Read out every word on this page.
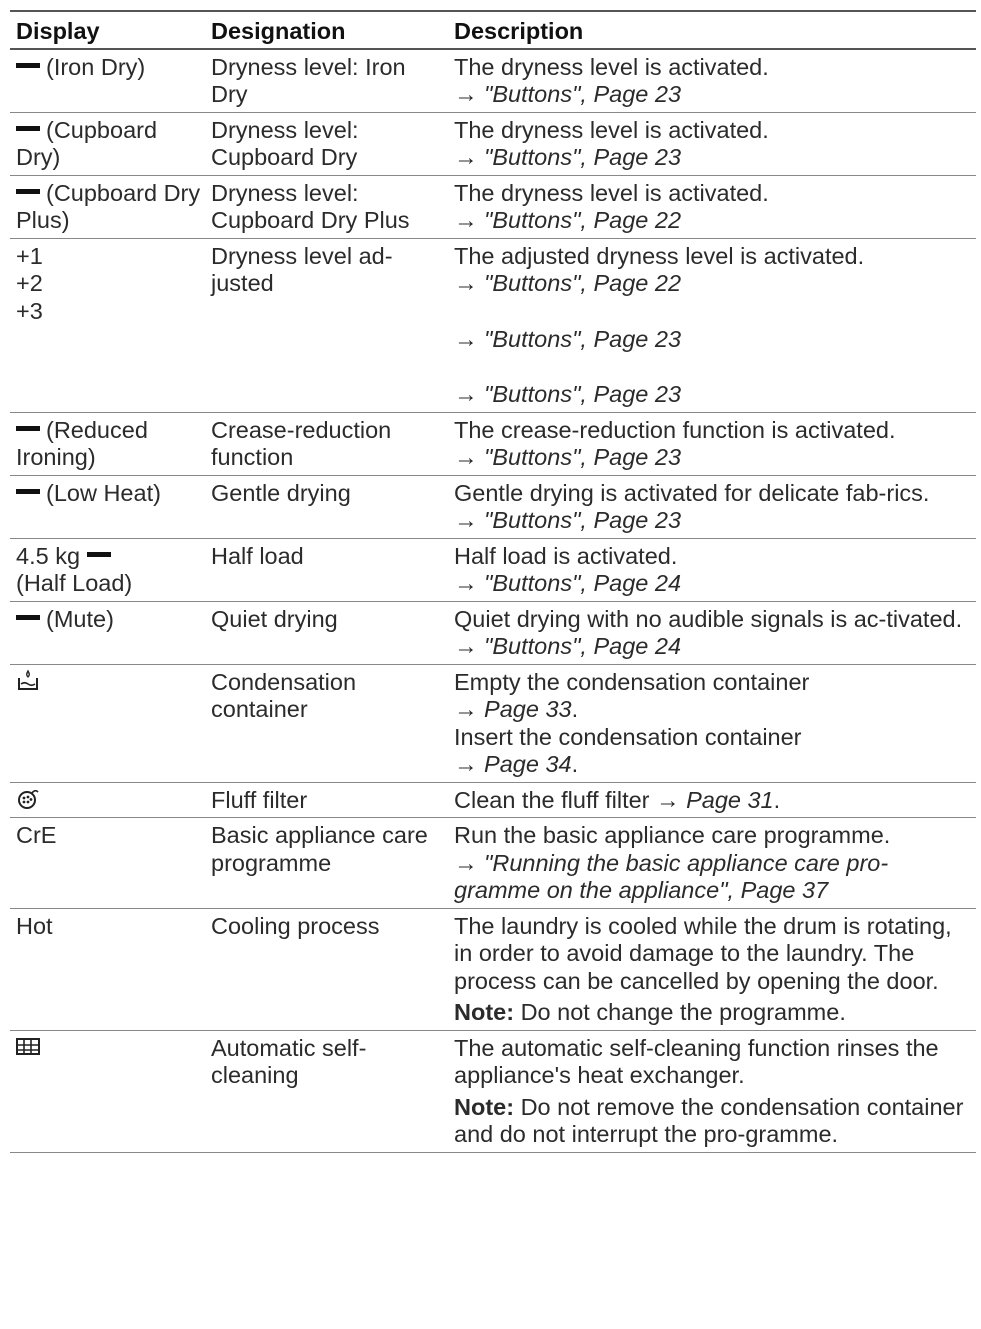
Display	Designation	Description
(Iron Dry)	Dryness level: Iron Dry	The dryness level is activated.
→ "Buttons", Page 23

(Cupboard Dry)	Dryness level: Cupboard Dry	The dryness level is activated.
→ "Buttons", Page 23

(Cupboard Dry Plus)	Dryness level: Cupboard Dry Plus	The dryness level is activated.
→ "Buttons", Page 22

+1
+2
+3	Dryness level ad-justed	The adjusted dryness level is activated.
→ "Buttons", Page 22
→ "Buttons", Page 23
→ "Buttons", Page 23

(Reduced Ironing)	Crease-reduction function	The crease-reduction function is activated.
→ "Buttons", Page 23

(Low Heat)	Gentle drying	Gentle drying is activated for delicate fab-rics.
→ "Buttons", Page 23

4.5 kg
(Half Load)	Half load	Half load is activated.
→ "Buttons", Page 24

(Mute)	Quiet drying	Quiet drying with no audible signals is ac-tivated.
→ "Buttons", Page 24

	Condensation container	Empty the condensation container
→ Page 33.
Insert the condensation container
→ Page 34.

	Fluff filter	Clean the fluff filter → Page 31.
CrE	Basic appliance care programme	Run the basic appliance care programme.
→ "Running the basic appliance care pro-gramme on the appliance", Page 37

Hot	Cooling process	The laundry is cooled while the drum is rotating, in order to avoid damage to the laundry. The process can be cancelled by opening the door.
Note: Do not change the programme.

	Automatic self-cleaning	The automatic self-cleaning function rinses the appliance's heat exchanger.
Note: Do not remove the condensation container and do not interrupt the pro-gramme.
